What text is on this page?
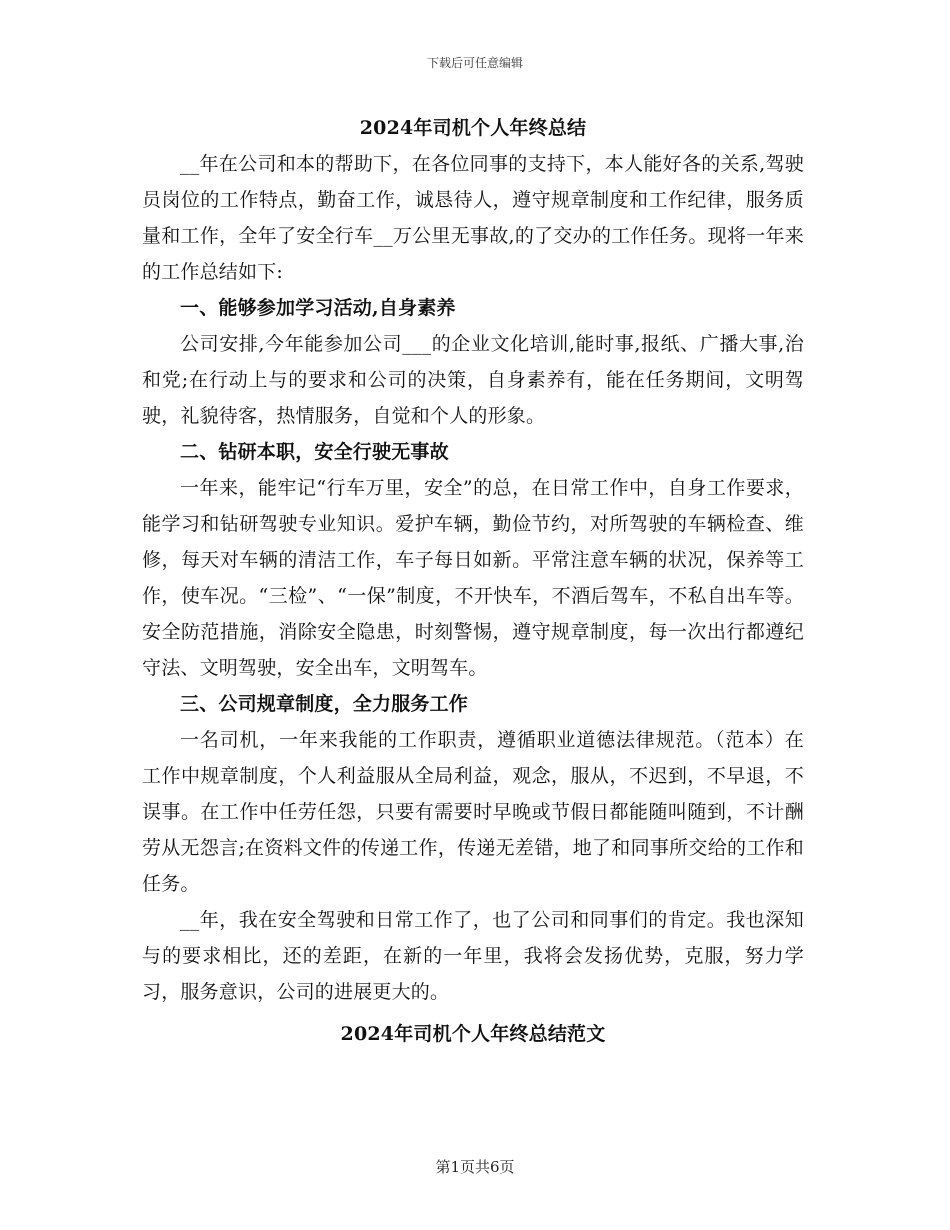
下载后可任意编辑
2024年司机个人年终总结

__年在公司和本的帮助下，在各位同事的支持下，本人能好各的关系,驾驶员岗位的工作特点，勤奋工作，诚恳待人，遵守规章制度和工作纪律，服务质量和工作，全年了安全行车__万公里无事故,的了交办的工作任务。现将一年来的工作总结如下:

一、能够参加学习活动,自身素养

公司安排,今年能参加公司___的企业文化培训,能时事,报纸、广播大事,治和党;在行动上与的要求和公司的决策，自身素养有，能在任务期间，文明驾驶，礼貌待客，热情服务，自觉和个人的形象。

二、钻研本职，安全行驶无事故

一年来，能牢记“行车万里，安全”的总，在日常工作中，自身工作要求，能学习和钻研驾驶专业知识。爱护车辆，勤俭节约，对所驾驶的车辆检查、维修，每天对车辆的清洁工作，车子每日如新。平常注意车辆的状况，保养等工作，使车况。“三检”、“一保”制度，不开快车，不酒后驾车，不私自出车等。安全防范措施，消除安全隐患，时刻警惕，遵守规章制度，每一次出行都遵纪守法、文明驾驶，安全出车，文明驾车。

三、公司规章制度，全力服务工作

一名司机，一年来我能的工作职责，遵循职业道德法律规范。（范本）在工作中规章制度，个人利益服从全局利益，观念，服从，不迟到，不早退，不误事。在工作中任劳任怨，只要有需要时早晚或节假日都能随叫随到，不计酬劳从无怨言;在资料文件的传递工作，传递无差错，地了和同事所交给的工作和任务。

__年，我在安全驾驶和日常工作了，也了公司和同事们的肯定。我也深知与的要求相比，还的差距，在新的一年里，我将会发扬优势，克服，努力学习，服务意识，公司的进展更大的。

2024年司机个人年终总结范文
第1页共6页
